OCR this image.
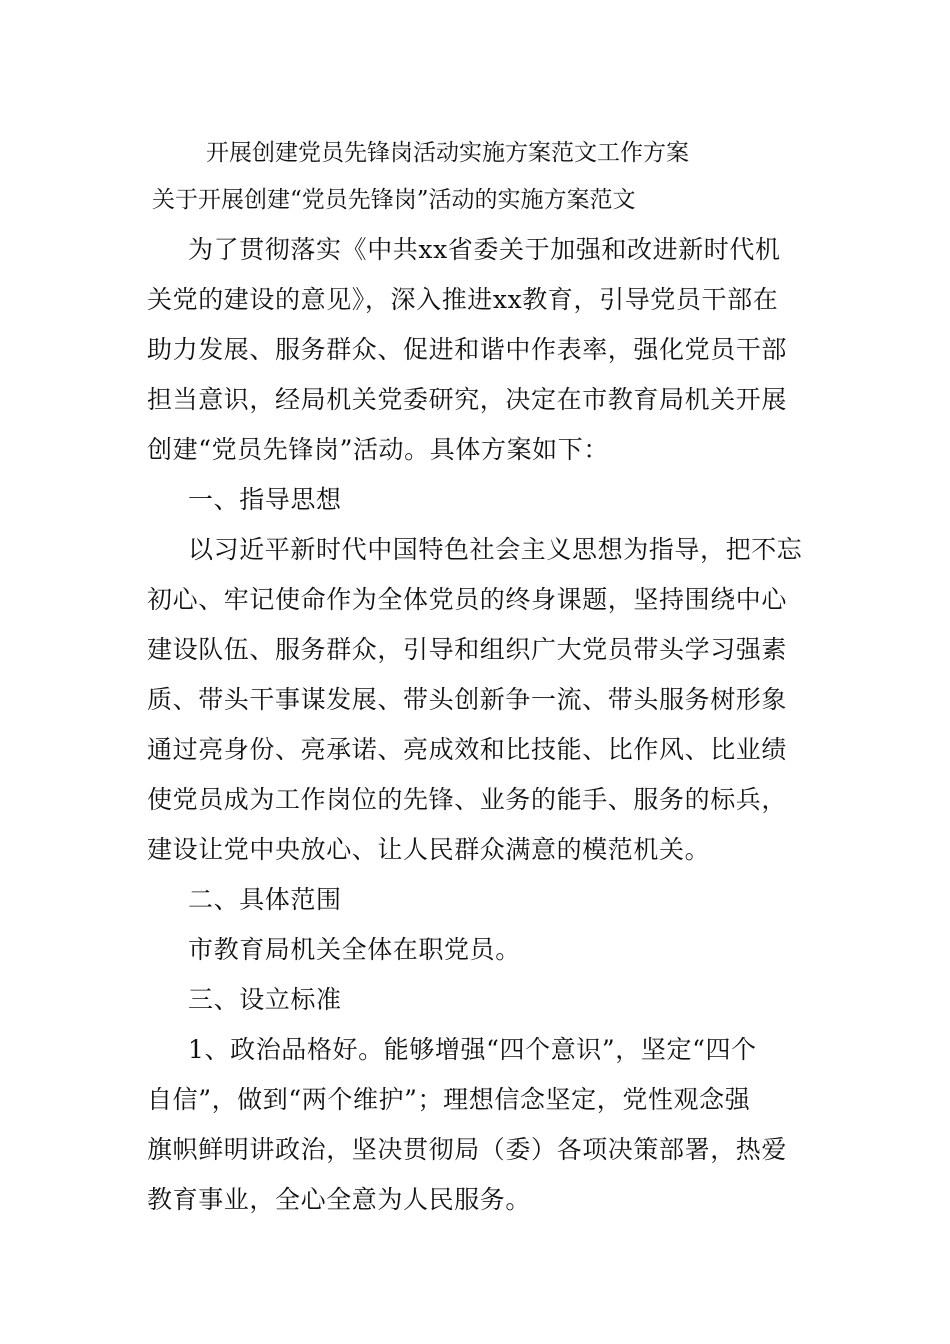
开展创建党员先锋岗活动实施方案范文工作方案
关于开展创建“党员先锋岗”活动的实施方案范文
为了贯彻落实《中共xx省委关于加强和改进新时代机
关党的建设的意见》，深入推进xx教育，引导党员干部在
助力发展、服务群众、促进和谐中作表率，强化党员干部
担当意识，经局机关党委研究，决定在市教育局机关开展
创建“党员先锋岗”活动。具体方案如下：
一、指导思想
以习近平新时代中国特色社会主义思想为指导，把不忘
初心、牢记使命作为全体党员的终身课题，坚持围绕中心
建设队伍、服务群众，引导和组织广大党员带头学习强素
质、带头干事谋发展、带头创新争一流、带头服务树形象
通过亮身份、亮承诺、亮成效和比技能、比作风、比业绩
使党员成为工作岗位的先锋、业务的能手、服务的标兵，
建设让党中央放心、让人民群众满意的模范机关。
二、具体范围
市教育局机关全体在职党员。
三、设立标准
1、政治品格好。能够增强“四个意识”，坚定“四个
自信”，做到“两个维护”；理想信念坚定，党性观念强
旗帜鲜明讲政治，坚决贯彻局（委）各项决策部署，热爱
教育事业，全心全意为人民服务。
